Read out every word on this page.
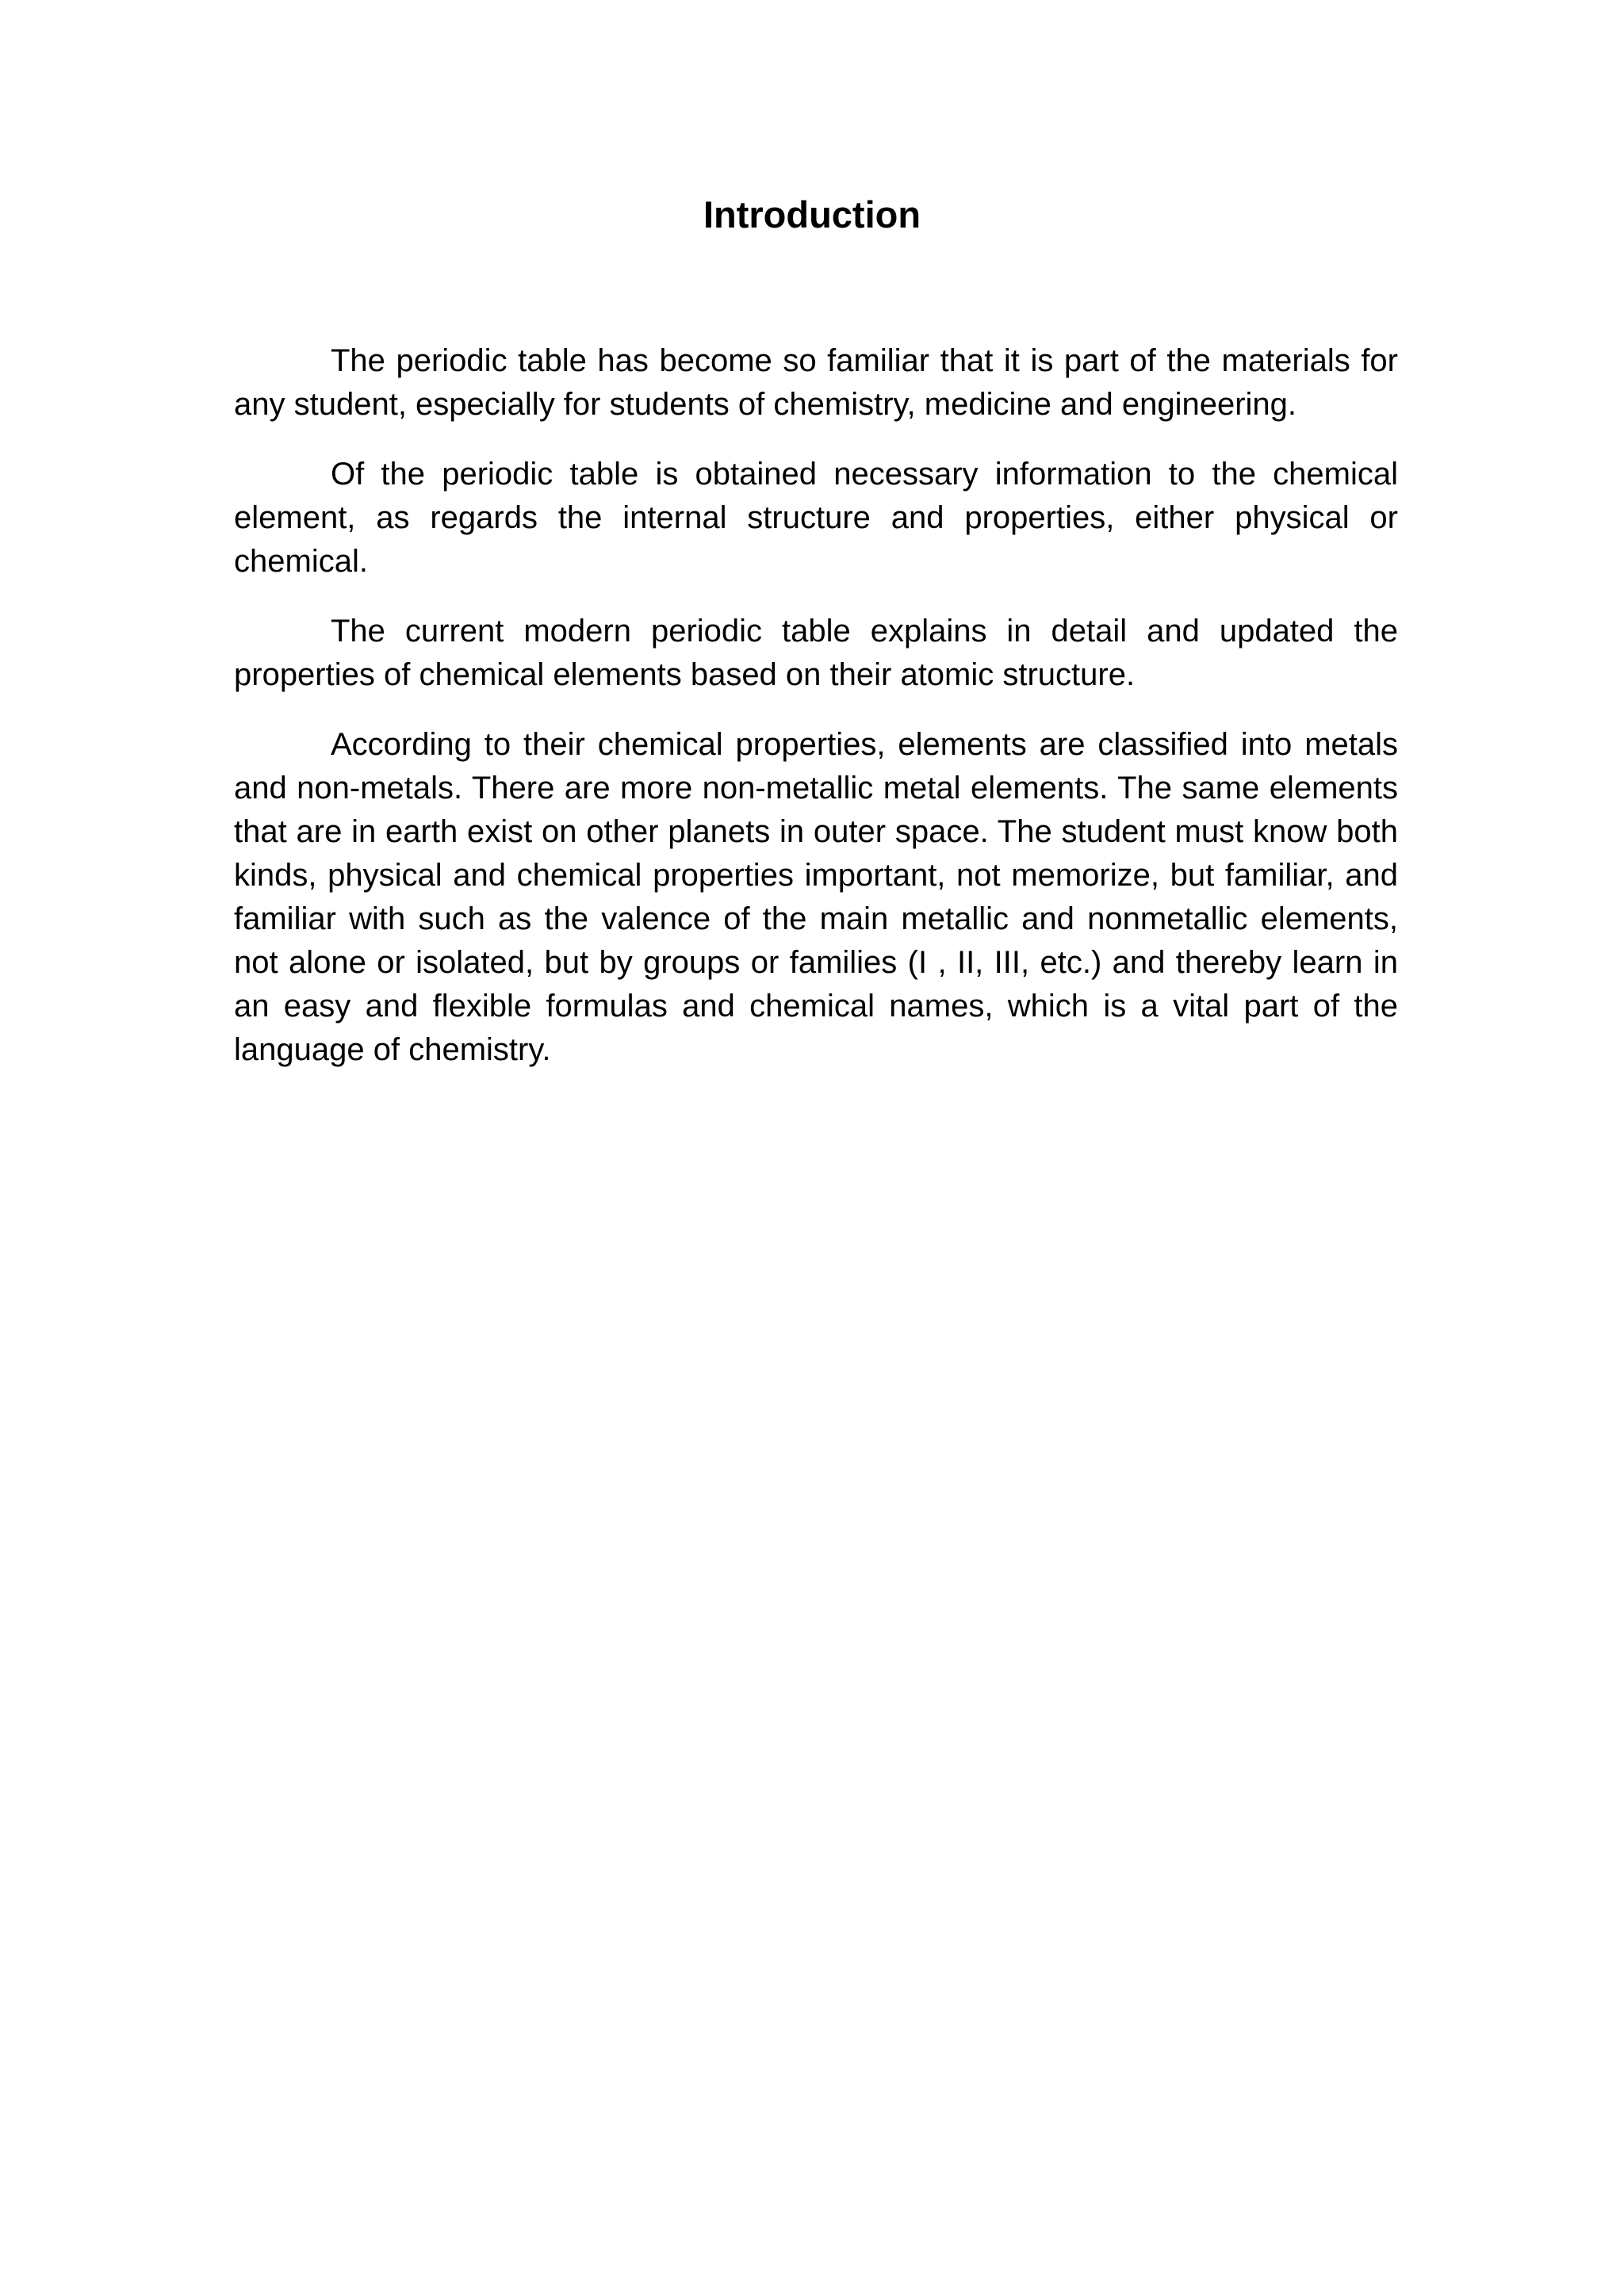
Introduction

The periodic table has become so familiar that it is part of the materials for any student, especially for students of chemistry, medicine and engineering.

Of the periodic table is obtained necessary information to the chemical element, as regards the internal structure and properties, either physical or chemical.

The current modern periodic table explains in detail and updated the properties of chemical elements based on their atomic structure.

According to their chemical properties, elements are classified into metals and non-metals. There are more non-metallic metal elements. The same elements that are in earth exist on other planets in outer space. The student must know both kinds, physical and chemical properties important, not memorize, but familiar, and familiar with such as the valence of the main metallic and nonmetallic elements, not alone or isolated, but by groups or families (I , II, III, etc.) and thereby learn in an easy and flexible formulas and chemical names, which is a vital part of the language of chemistry.
